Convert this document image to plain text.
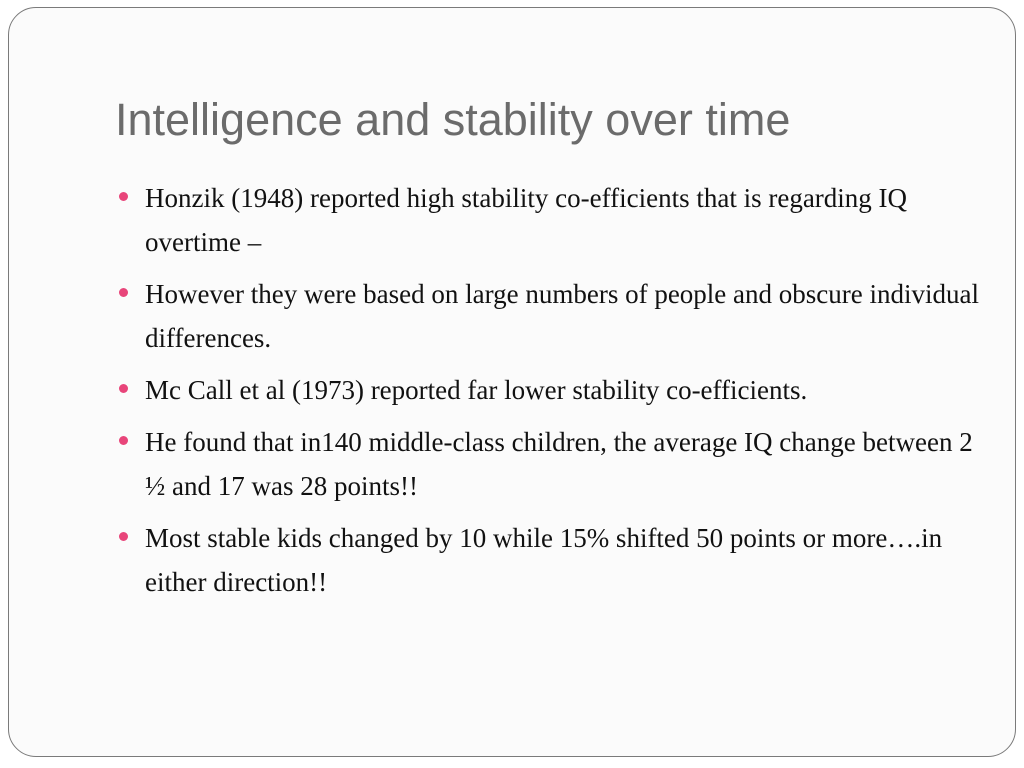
Intelligence and stability over time
Honzik (1948) reported high stability co-efficients that is regarding IQ overtime –
However they were based on large numbers of people and obscure individual differences.
Mc Call et al (1973) reported far lower stability co-efficients.
He found that in140 middle-class children, the average IQ change between 2 ½ and 17 was 28 points!!
Most stable kids changed by 10 while 15% shifted 50 points or more….in either direction!!
